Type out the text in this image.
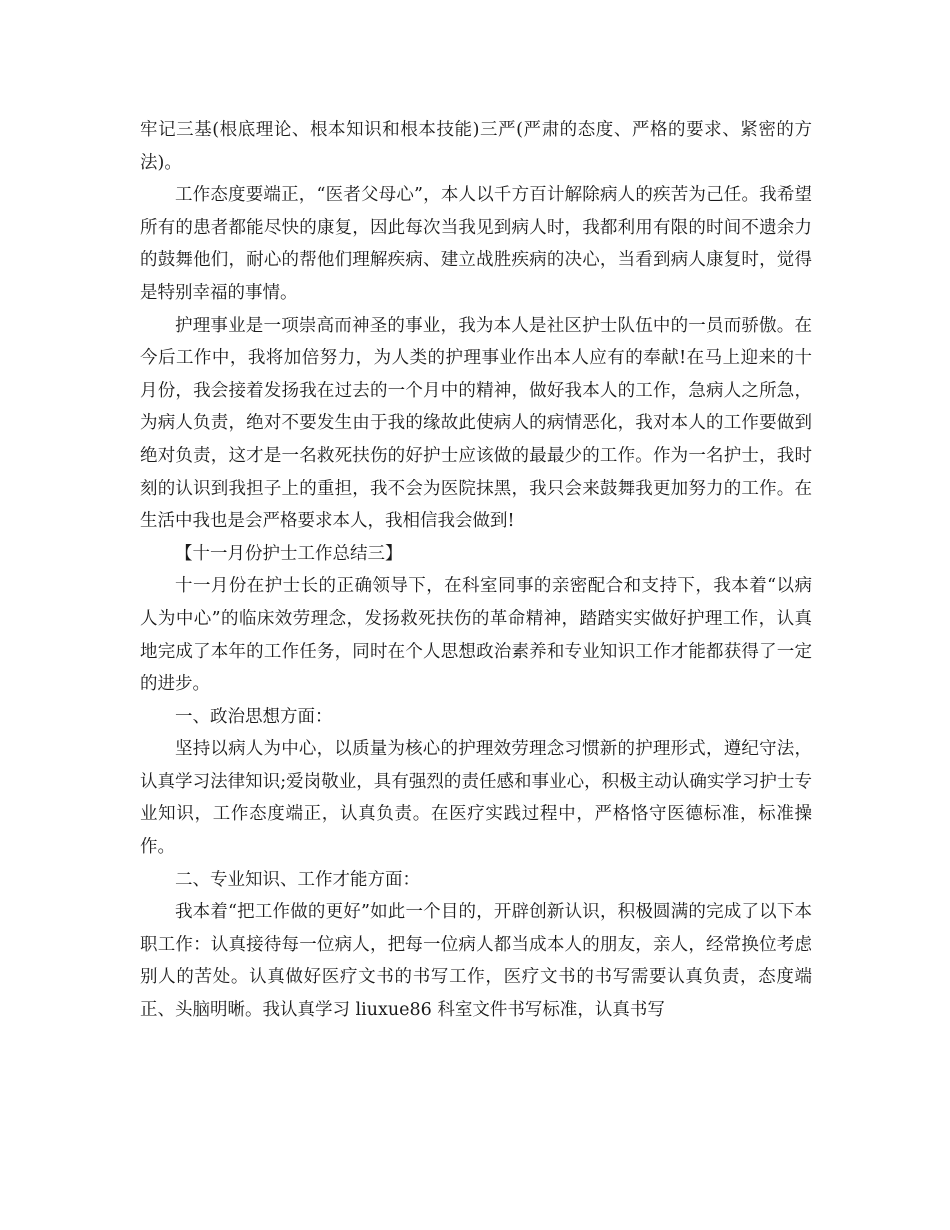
牢记三基(根底理论、根本知识和根本技能)三严(严肃的态度、严格的要求、紧密的方法)。

工作态度要端正，“医者父母心”，本人以千方百计解除病人的疾苦为己任。我希望所有的患者都能尽快的康复，因此每次当我见到病人时，我都利用有限的时间不遗余力的鼓舞他们，耐心的帮他们理解疾病、建立战胜疾病的决心，当看到病人康复时，觉得是特别幸福的事情。

护理事业是一项崇高而神圣的事业，我为本人是社区护士队伍中的一员而骄傲。在今后工作中，我将加倍努力，为人类的护理事业作出本人应有的奉献!在马上迎来的十月份，我会接着发扬我在过去的一个月中的精神，做好我本人的工作，急病人之所急，为病人负责，绝对不要发生由于我的缘故此使病人的病情恶化，我对本人的工作要做到绝对负责，这才是一名救死扶伤的好护士应该做的最最少的工作。作为一名护士，我时刻的认识到我担子上的重担，我不会为医院抹黑，我只会来鼓舞我更加努力的工作。在生活中我也是会严格要求本人，我相信我会做到!

【十一月份护士工作总结三】

十一月份在护士长的正确领导下，在科室同事的亲密配合和支持下，我本着“以病人为中心”的临床效劳理念，发扬救死扶伤的革命精神，踏踏实实做好护理工作，认真地完成了本年的工作任务，同时在个人思想政治素养和专业知识工作才能都获得了一定的进步。

一、政治思想方面：

坚持以病人为中心，以质量为核心的护理效劳理念习惯新的护理形式，遵纪守法，认真学习法律知识;爱岗敬业，具有强烈的责任感和事业心，积极主动认确实学习护士专业知识，工作态度端正，认真负责。在医疗实践过程中，严格恪守医德标准，标准操作。

二、专业知识、工作才能方面：

我本着“把工作做的更好”如此一个目的，开辟创新认识，积极圆满的完成了以下本职工作：认真接待每一位病人，把每一位病人都当成本人的朋友，亲人，经常换位考虑别人的苦处。认真做好医疗文书的书写工作，医疗文书的书写需要认真负责，态度端正、头脑明晰。我认真学习 liuxue86 科室文件书写标准，认真书写
